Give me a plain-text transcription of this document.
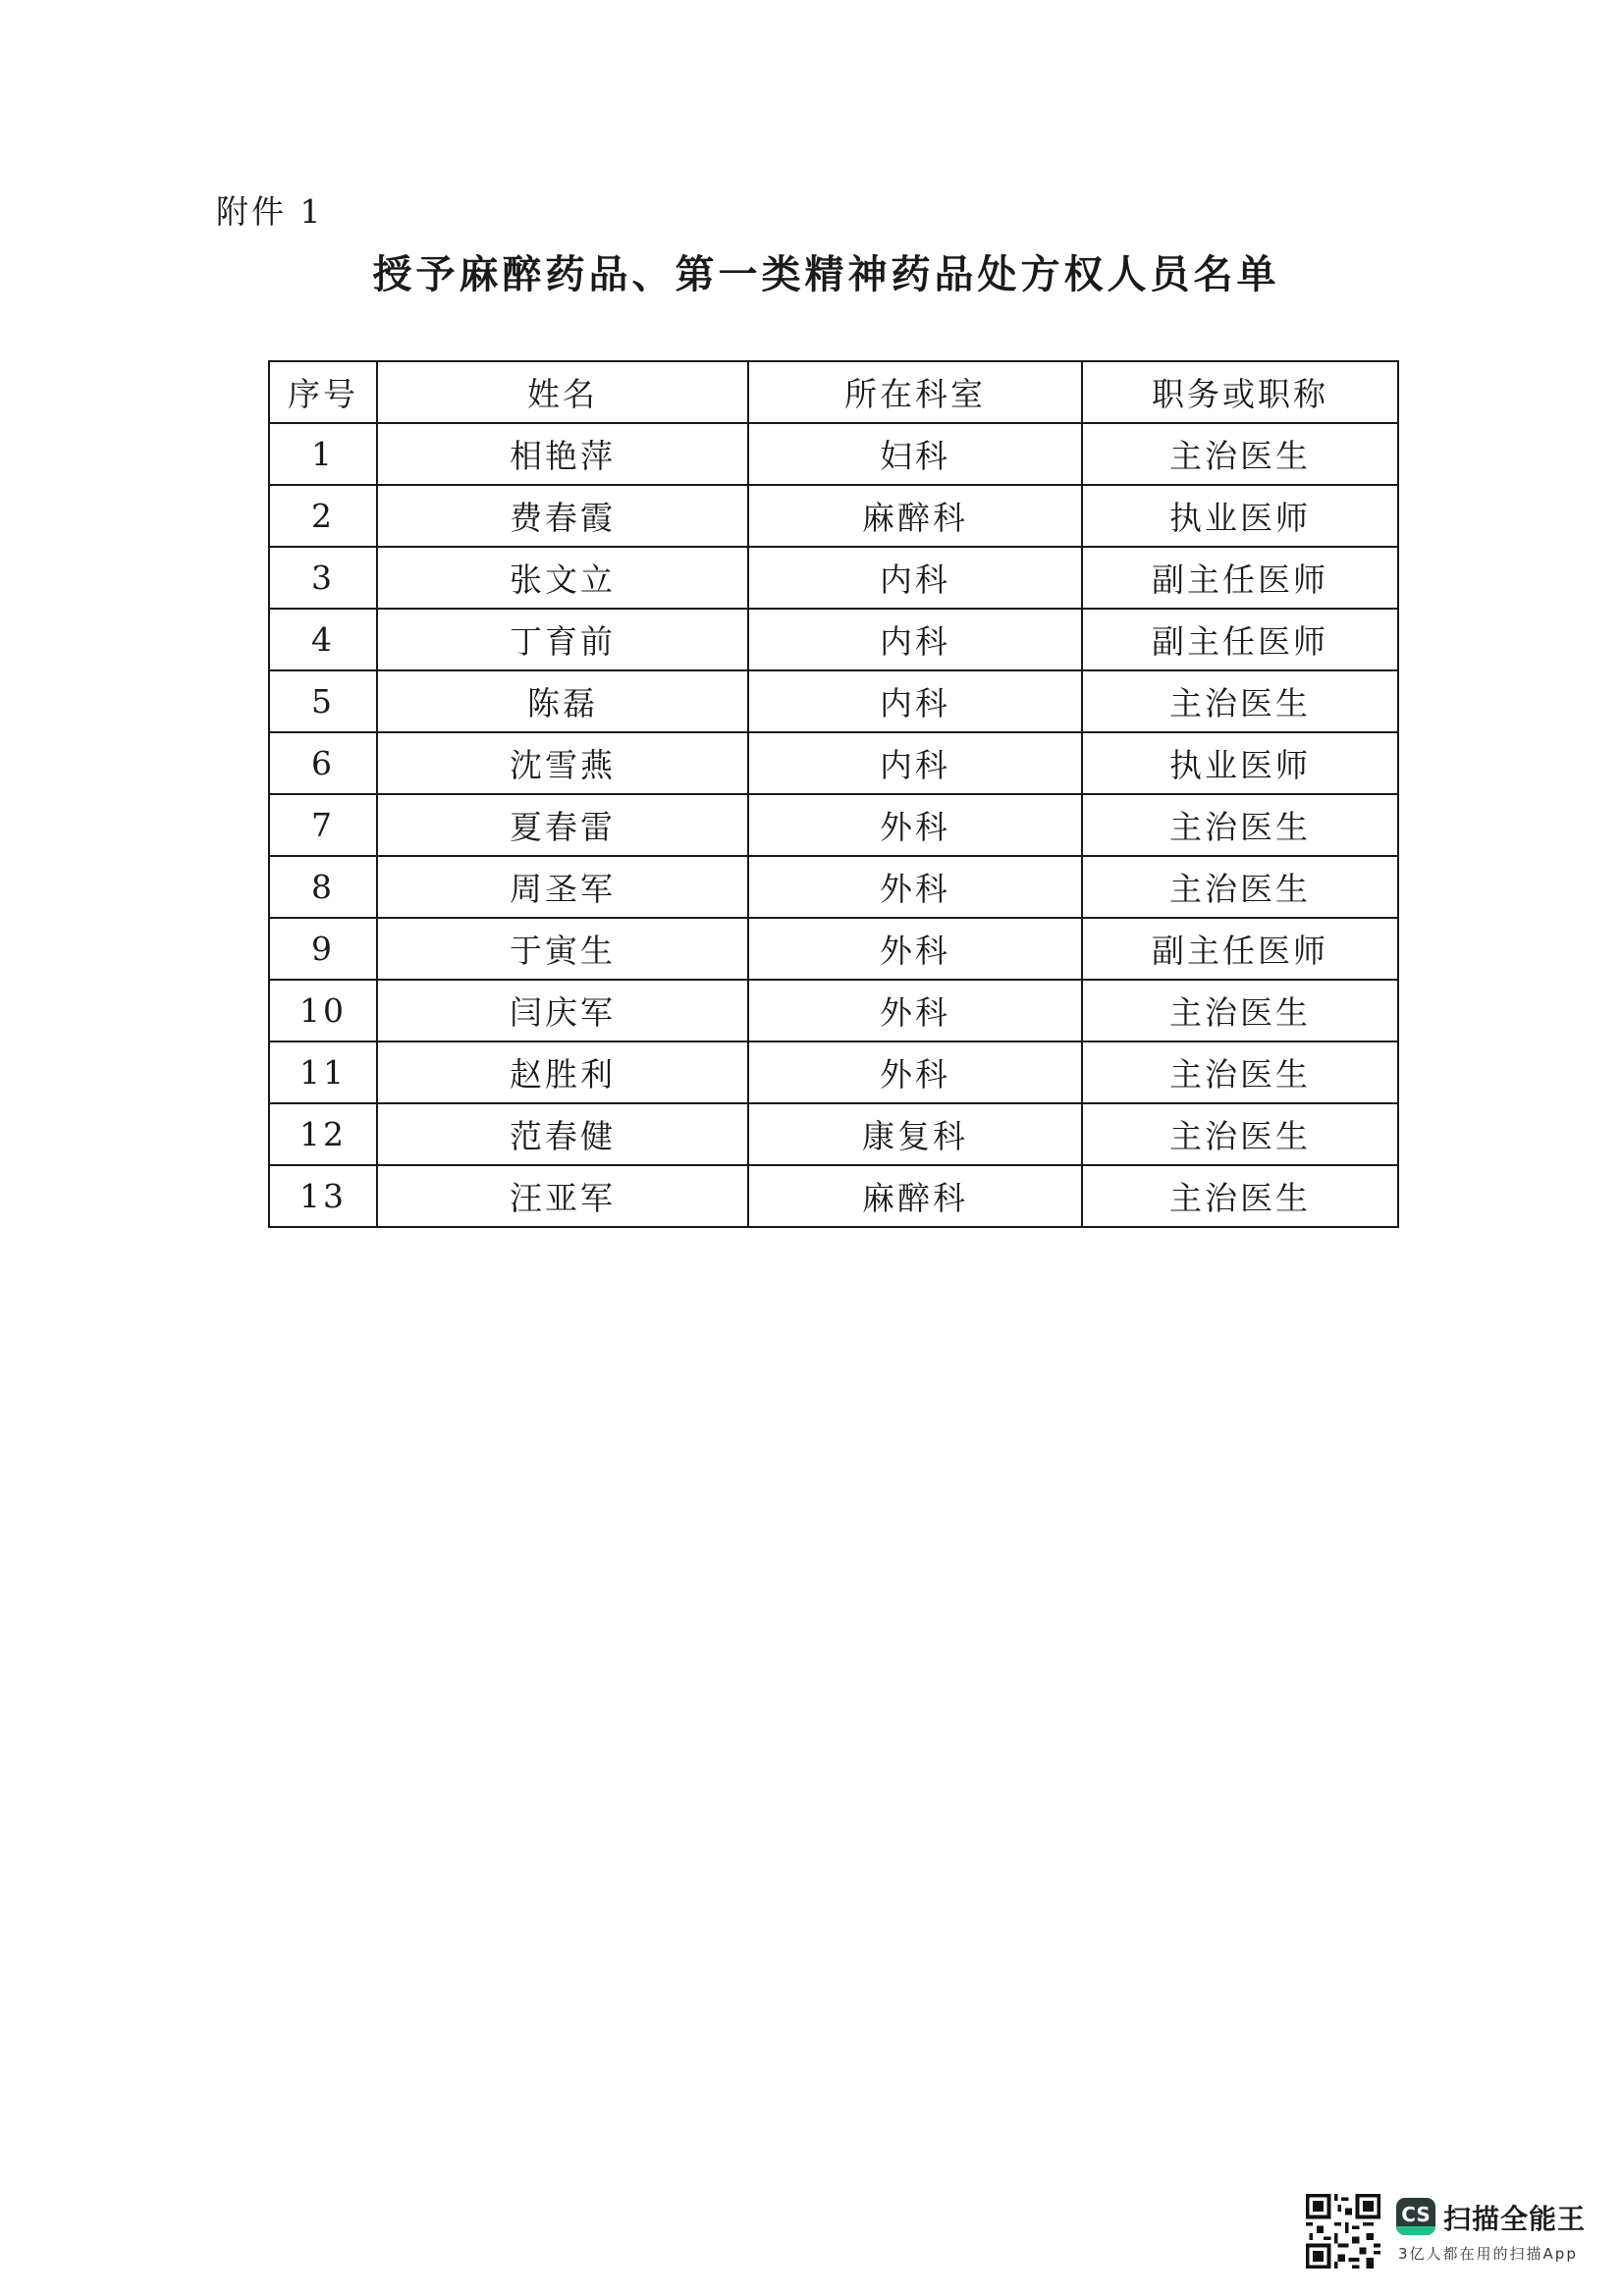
附件 1
授予麻醉药品、第一类精神药品处方权人员名单
序号	姓名	所在科室	职务或职称
1	相艳萍	妇科	主治医生
2	费春霞	麻醉科	执业医师
3	张文立	内科	副主任医师
4	丁育前	内科	副主任医师
5	陈磊	内科	主治医生
6	沈雪燕	内科	执业医师
7	夏春雷	外科	主治医生
8	周圣军	外科	主治医生
9	于寅生	外科	副主任医师
10	闫庆军	外科	主治医生
11	赵胜利	外科	主治医生
12	范春健	康复科	主治医生
13	汪亚军	麻醉科	主治医生
CS 扫描全能王
3亿人都在用的扫描App
